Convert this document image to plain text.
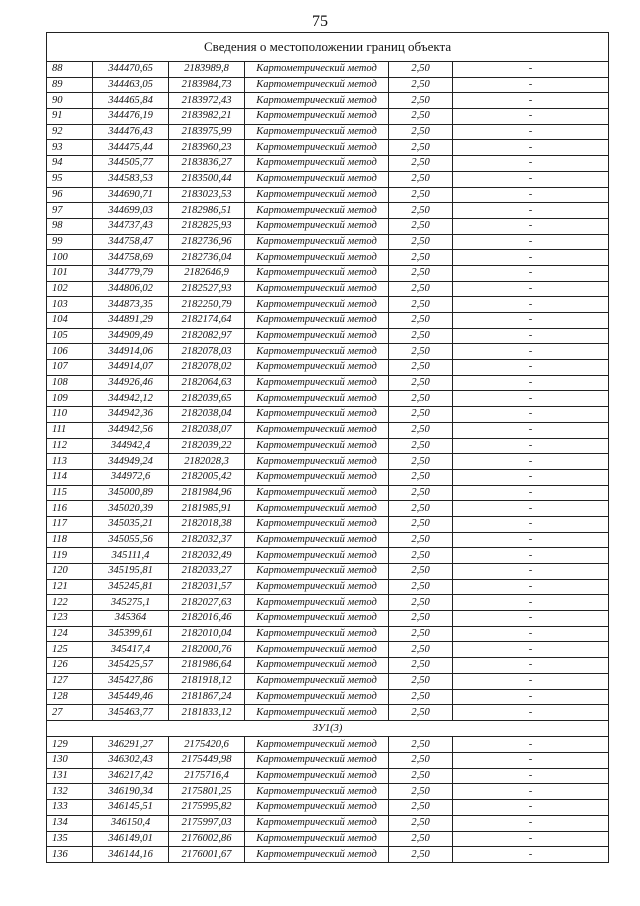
75
Сведения о местоположении границ объекта					
88	344470,65	2183989,8	Картометрический метод	2,50	-
89	344463,05	2183984,73	Картометрический метод	2,50	-
90	344465,84	2183972,43	Картометрический метод	2,50	-
91	344476,19	2183982,21	Картометрический метод	2,50	-
92	344476,43	2183975,99	Картометрический метод	2,50	-
93	344475,44	2183960,23	Картометрический метод	2,50	-
94	344505,77	2183836,27	Картометрический метод	2,50	-
95	344583,53	2183500,44	Картометрический метод	2,50	-
96	344690,71	2183023,53	Картометрический метод	2,50	-
97	344699,03	2182986,51	Картометрический метод	2,50	-
98	344737,43	2182825,93	Картометрический метод	2,50	-
99	344758,47	2182736,96	Картометрический метод	2,50	-
100	344758,69	2182736,04	Картометрический метод	2,50	-
101	344779,79	2182646,9	Картометрический метод	2,50	-
102	344806,02	2182527,93	Картометрический метод	2,50	-
103	344873,35	2182250,79	Картометрический метод	2,50	-
104	344891,29	2182174,64	Картометрический метод	2,50	-
105	344909,49	2182082,97	Картометрический метод	2,50	-
106	344914,06	2182078,03	Картометрический метод	2,50	-
107	344914,07	2182078,02	Картометрический метод	2,50	-
108	344926,46	2182064,63	Картометрический метод	2,50	-
109	344942,12	2182039,65	Картометрический метод	2,50	-
110	344942,36	2182038,04	Картометрический метод	2,50	-
111	344942,56	2182038,07	Картометрический метод	2,50	-
112	344942,4	2182039,22	Картометрический метод	2,50	-
113	344949,24	2182028,3	Картометрический метод	2,50	-
114	344972,6	2182005,42	Картометрический метод	2,50	-
115	345000,89	2181984,96	Картометрический метод	2,50	-
116	345020,39	2181985,91	Картометрический метод	2,50	-
117	345035,21	2182018,38	Картометрический метод	2,50	-
118	345055,56	2182032,37	Картометрический метод	2,50	-
119	345111,4	2182032,49	Картометрический метод	2,50	-
120	345195,81	2182033,27	Картометрический метод	2,50	-
121	345245,81	2182031,57	Картометрический метод	2,50	-
122	345275,1	2182027,63	Картометрический метод	2,50	-
123	345364	2182016,46	Картометрический метод	2,50	-
124	345399,61	2182010,04	Картометрический метод	2,50	-
125	345417,4	2182000,76	Картометрический метод	2,50	-
126	345425,57	2181986,64	Картометрический метод	2,50	-
127	345427,86	2181918,12	Картометрический метод	2,50	-
128	345449,46	2181867,24	Картометрический метод	2,50	-
27	345463,77	2181833,12	Картометрический метод	2,50	-
ЗУ1(3)					
129	346291,27	2175420,6	Картометрический метод	2,50	-
130	346302,43	2175449,98	Картометрический метод	2,50	-
131	346217,42	2175716,4	Картометрический метод	2,50	-
132	346190,34	2175801,25	Картометрический метод	2,50	-
133	346145,51	2175995,82	Картометрический метод	2,50	-
134	346150,4	2175997,03	Картометрический метод	2,50	-
135	346149,01	2176002,86	Картометрический метод	2,50	-
136	346144,16	2176001,67	Картометрический метод	2,50	-
